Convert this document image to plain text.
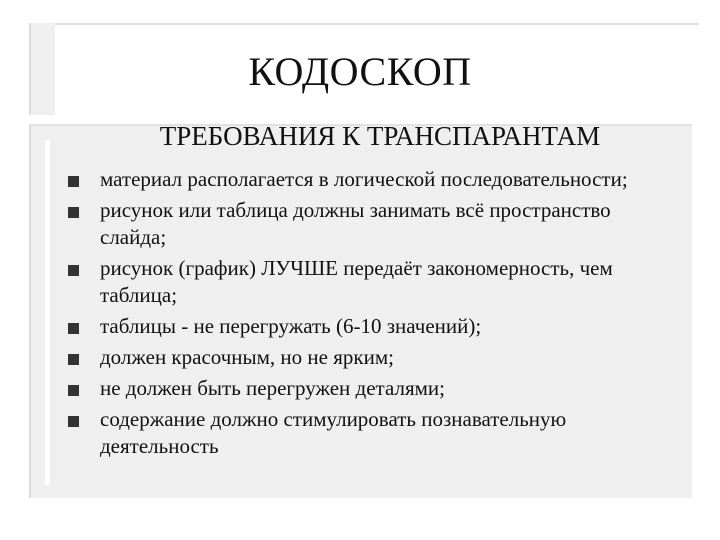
КОДОСКОП
ТРЕБОВАНИЯ К ТРАНСПАРАНТАМ
материал располагается в логической последовательности;
рисунок или таблица должны занимать всё пространство слайда;
рисунок (график) ЛУЧШЕ передаёт закономерность, чем таблица;
таблицы - не перегружать (6-10 значений);
должен красочным, но не ярким;
не должен быть перегружен деталями;
содержание должно стимулировать познавательную деятельность
